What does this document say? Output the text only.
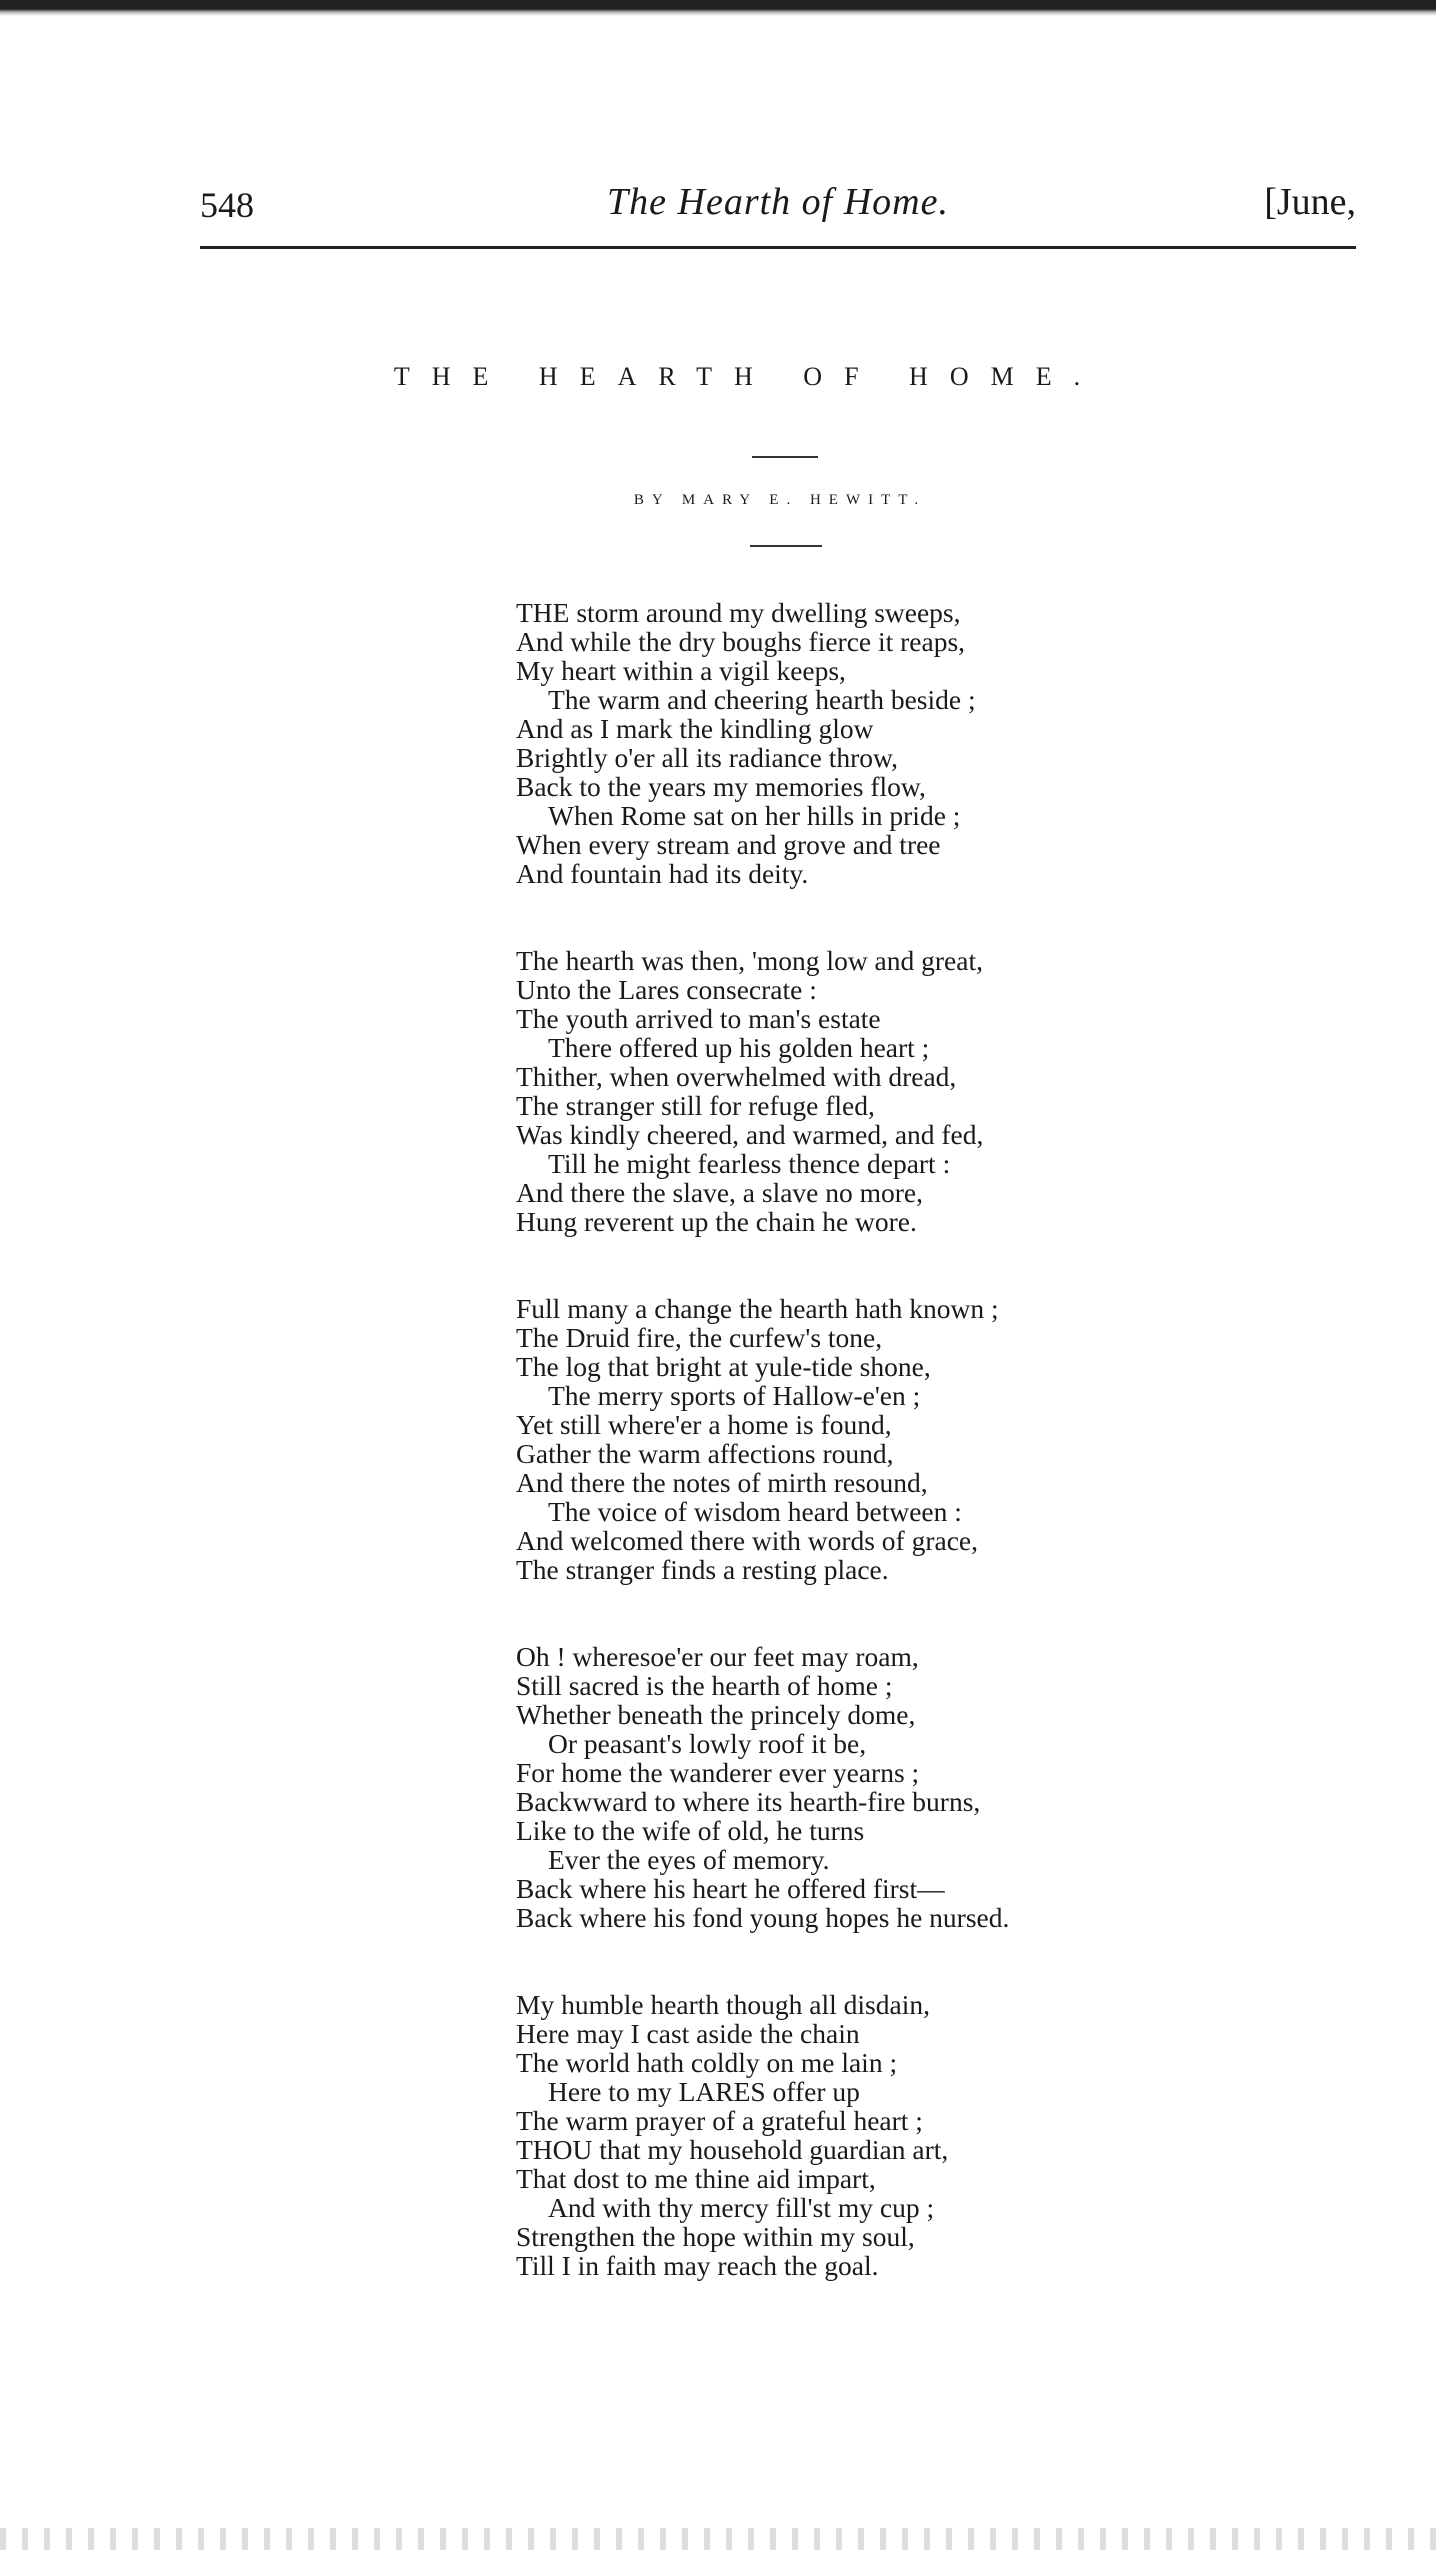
548	The Hearth of Home.	[June,
THE HEARTH OF HOME.
BY MARY E. HEWITT.
THE storm around my dwelling sweeps,
And while the dry boughs fierce it reaps,
My heart within a vigil keeps,
The warm and cheering hearth beside ;
And as I mark the kindling glow
Brightly o'er all its radiance throw,
Back to the years my memories flow,
When Rome sat on her hills in pride ;
When every stream and grove and tree
And fountain had its deity.
The hearth was then, 'mong low and great,
Unto the Lares consecrate :
The youth arrived to man's estate
There offered up his golden heart ;
Thither, when overwhelmed with dread,
The stranger still for refuge fled,
Was kindly cheered, and warmed, and fed,
Till he might fearless thence depart :
And there the slave, a slave no more,
Hung reverent up the chain he wore.
Full many a change the hearth hath known ;
The Druid fire, the curfew's tone,
The log that bright at yule-tide shone,
The merry sports of Hallow-e'en ;
Yet still where'er a home is found,
Gather the warm affections round,
And there the notes of mirth resound,
The voice of wisdom heard between :
And welcomed there with words of grace,
The stranger finds a resting place.
Oh ! wheresoe'er our feet may roam,
Still sacred is the hearth of home ;
Whether beneath the princely dome,
Or peasant's lowly roof it be,
For home the wanderer ever yearns ;
Backwward to where its hearth-fire burns,
Like to the wife of old, he turns
Ever the eyes of memory.
Back where his heart he offered first—
Back where his fond young hopes he nursed.
My humble hearth though all disdain,
Here may I cast aside the chain
The world hath coldly on me lain ;
Here to my LARES offer up
The warm prayer of a grateful heart ;
THOU that my household guardian art,
That dost to me thine aid impart,
And with thy mercy fill'st my cup ;
Strengthen the hope within my soul,
Till I in faith may reach the goal.
